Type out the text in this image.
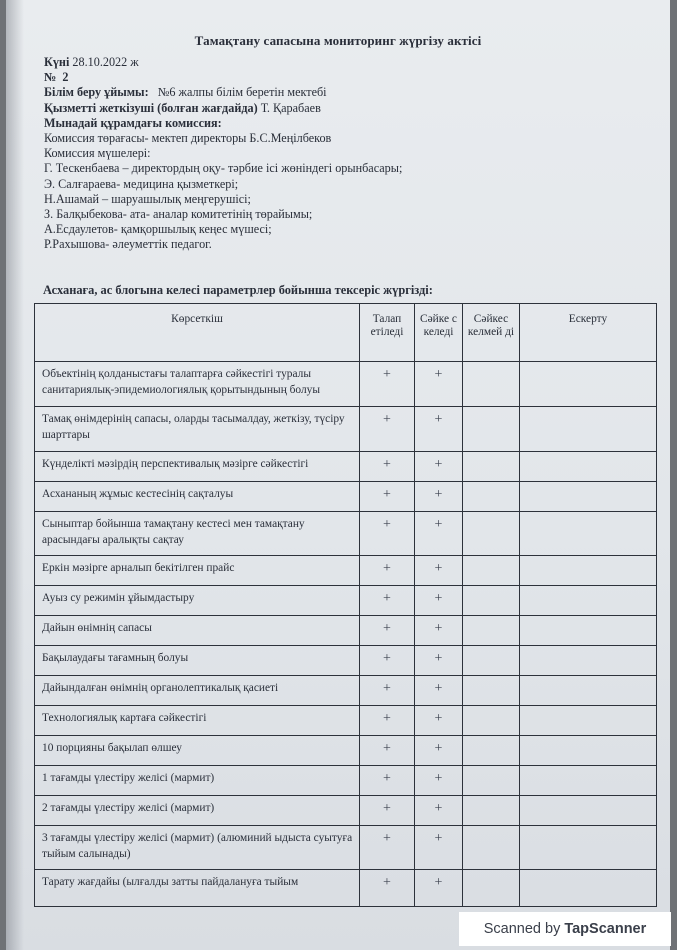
Тамақтану сапасына мониторинг жүргізу актісі
Күні 28.10.2022 ж
№ 2
Білім беру ұйымы: №6 жалпы білім беретін мектебі
Қызметті жеткізуші (болған жағдайда) Т. Қарабаев
Мынадай құрамдағы комиссия:
Комиссия төрағасы- мектеп директоры Б.С.Меңілбеков
Комиссия мүшелері:
Г. Тескенбаева – директордың оқу- тәрбие ісі жөніндегі орынбасары;
Э. Салғараева- медицина қызметкері;
Н.Ашамай – шаруашылық меңгерушісі;
З. Балқыбекова- ата- аналар комитетінің төрайымы;
А.Есдаулетов- қамқоршылық кеңес мүшесі;
Р.Рахышова- әлеуметтік педагог.
Асханаға, ас блогына келесі параметрлер бойынша тексеріс жүргізді:
Көрсеткіш	Талап етіледі	Сәйке с келеді	Сәйкес келмей ді	Ескерту
Объектінің қолданыстағы талаптарға сәйкестігі туралы санитариялық-эпидемиологиялық қорытындының болуы	+	+		
Тамақ өнімдерінің сапасы, оларды тасымалдау, жеткізу, түсіру шарттары	+	+		
Күнделікті мәзірдің перспективалық мәзірге сәйкестігі	+	+		
Асхананың жұмыс кестесінің сақталуы	+	+		
Сыныптар бойынша тамақтану кестесі мен тамақтану арасындағы аралықты сақтау	+	+		
Еркін мәзірге арналып бекітілген прайс	+	+		
Ауыз су режимін ұйымдастыру	+	+		
Дайын өнімнің сапасы	+	+		
Бақылаудағы тағамның болуы	+	+		
Дайындалған өнімнің органолептикалық қасиеті	+	+		
Технологиялық картаға сәйкестігі	+	+		
10 порцияны бақылап өлшеу	+	+		
1 тағамды үлестіру желісі (мармит)	+	+		
2 тағамды үлестіру желісі (мармит)	+	+		
3 тағамды үлестіру желісі (мармит) (алюминий ыдыста суытуға тыйым салынады)	+	+		
Тарату жағдайы (ылғалды затты пайдалануға тыйым	+	+		
Scanned by TapScanner
